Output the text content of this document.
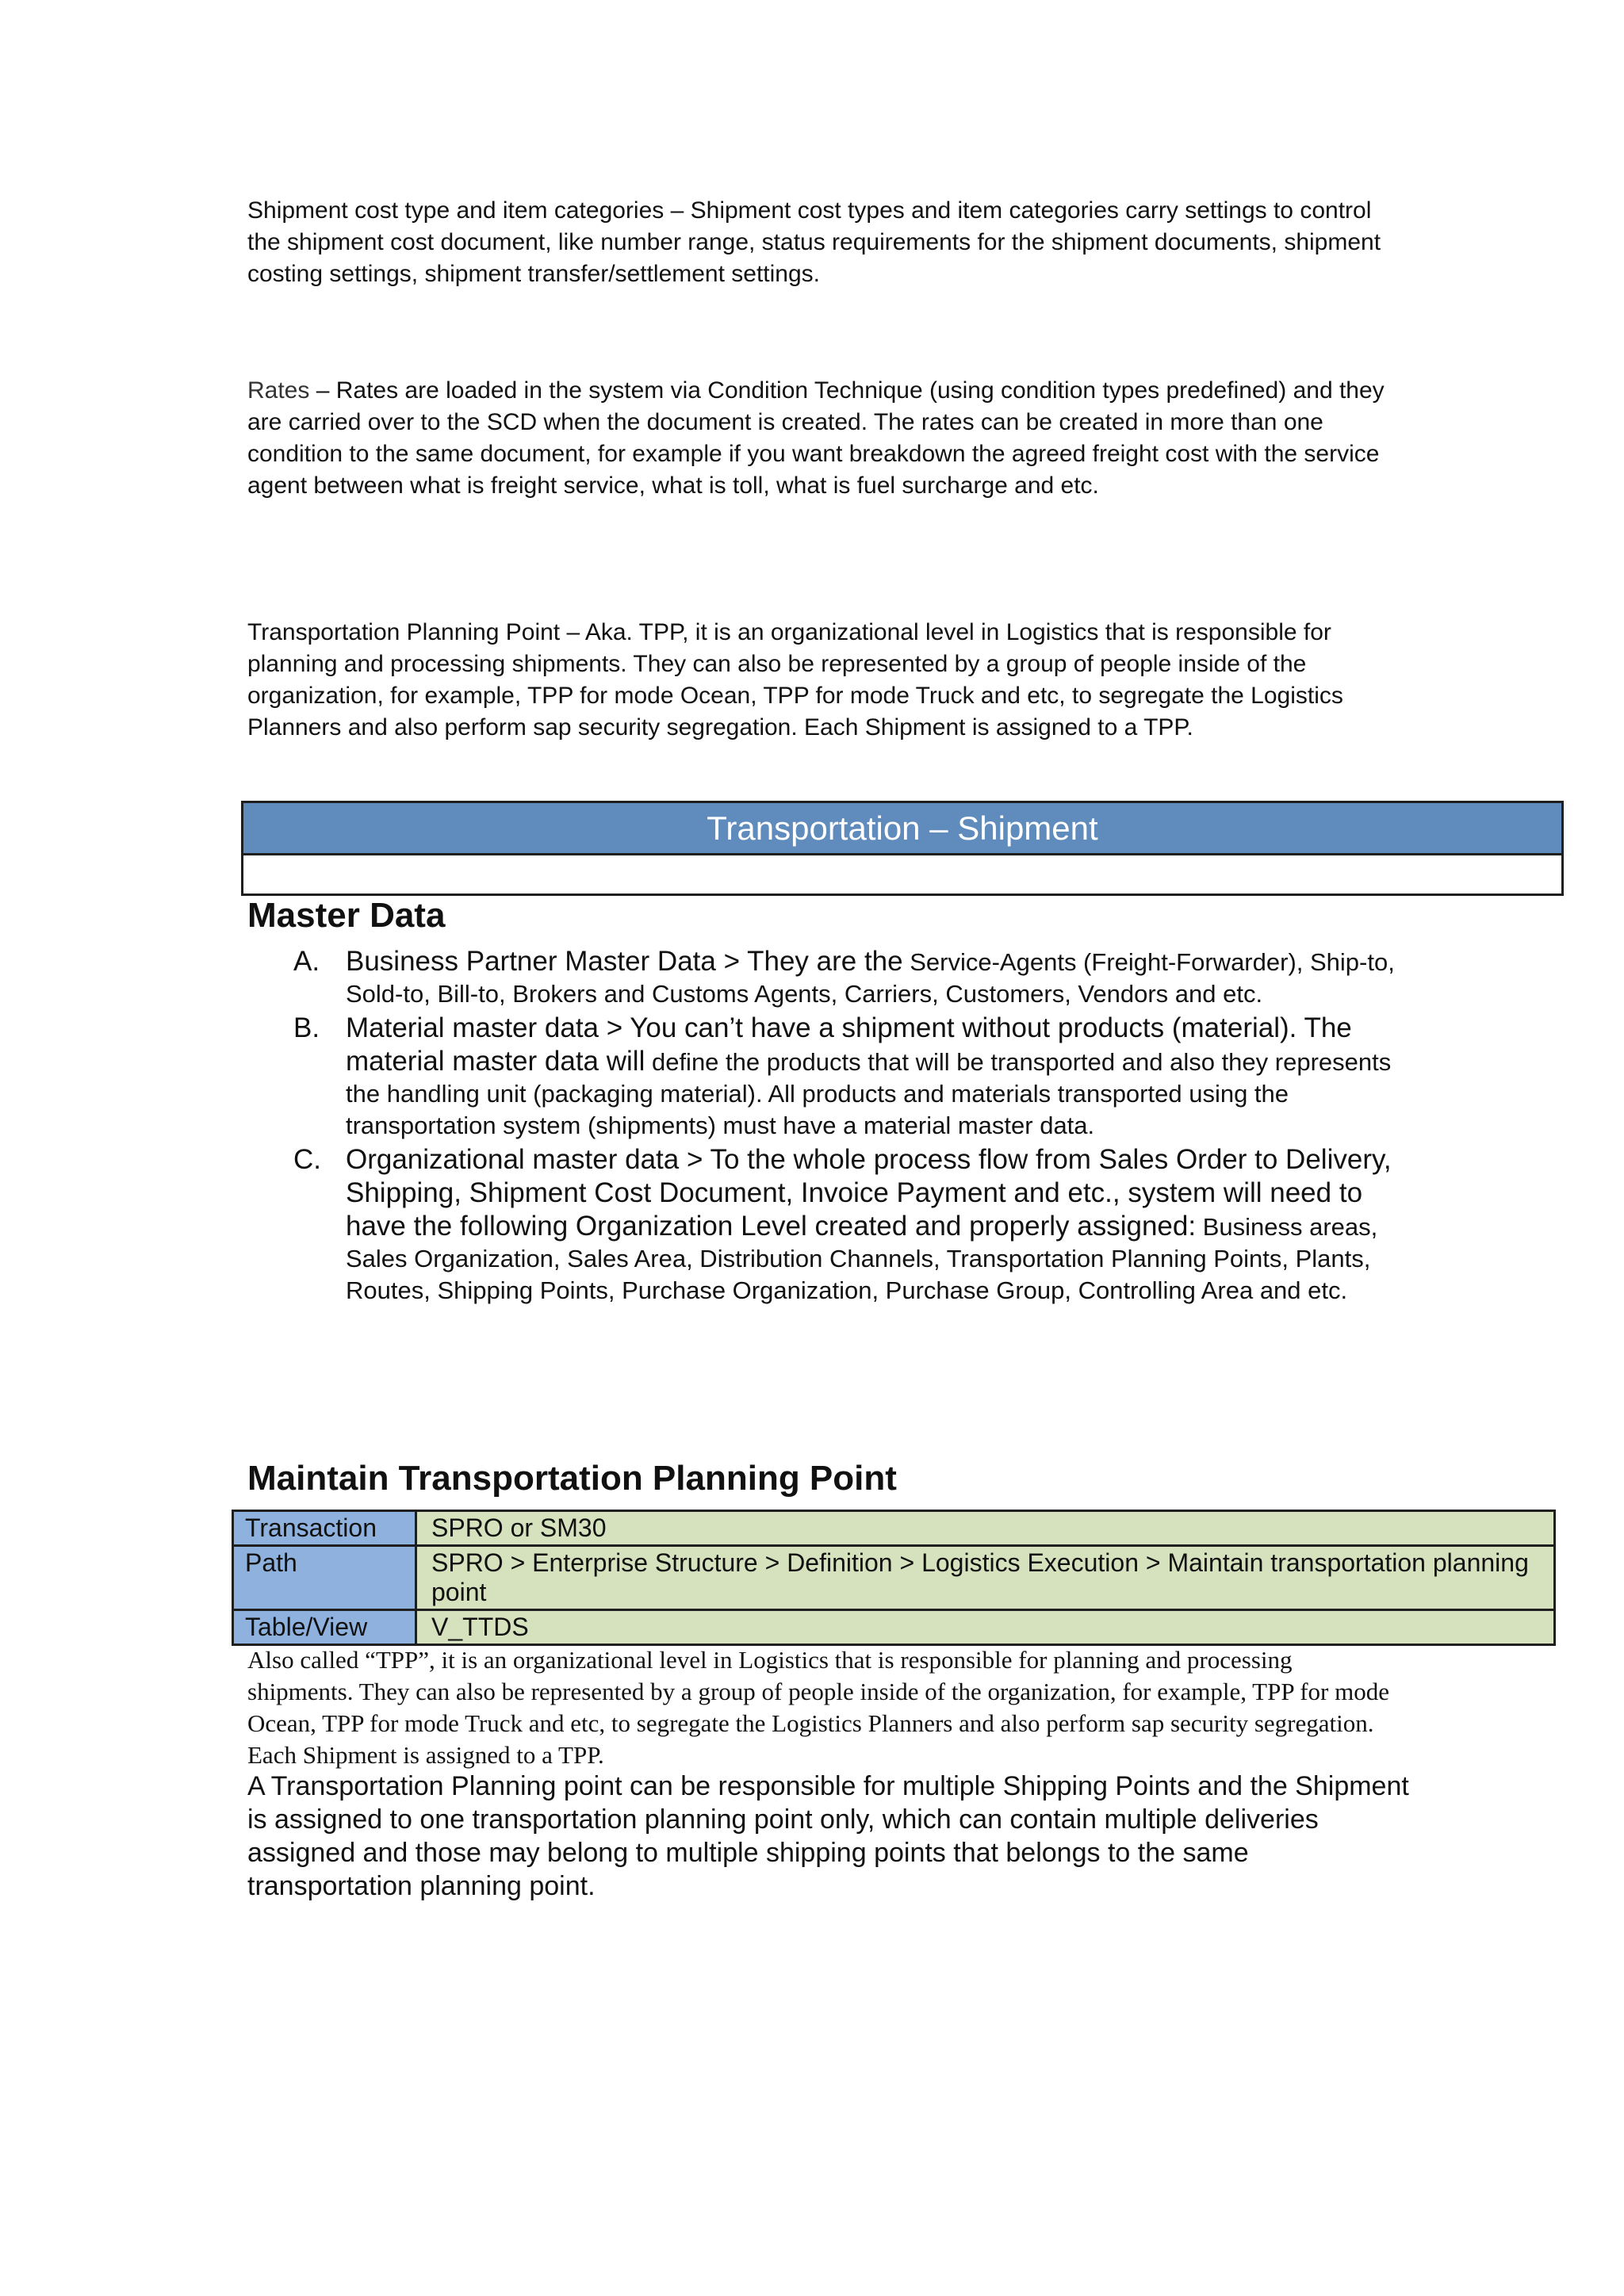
Shipment cost type and item categories – Shipment cost types and item categories carry settings to control the shipment cost document, like number range, status requirements for the shipment documents, shipment costing settings, shipment transfer/settlement settings.

Rates – Rates are loaded in the system via Condition Technique (using condition types predefined) and they are carried over to the SCD when the document is created. The rates can be created in more than one condition to the same document, for example if you want breakdown the agreed freight cost with the service agent between what is freight service, what is toll, what is fuel surcharge and etc.

Transportation Planning Point – Aka. TPP, it is an organizational level in Logistics that is responsible for planning and processing shipments. They can also be represented by a group of people inside of the organization, for example, TPP for mode Ocean, TPP for mode Truck and etc, to segregate the Logistics Planners and also perform sap security segregation. Each Shipment is assigned to a TPP.

Transportation – Shipment
Master Data
A. Business Partner Master Data > They are the Service-Agents (Freight-Forwarder), Ship-to, Sold-to, Bill-to, Brokers and Customs Agents, Carriers, Customers, Vendors and etc.
B. Material master data > You can’t have a shipment without products (material). The material master data will define the products that will be transported and also they represents the handling unit (packaging material). All products and materials transported using the transportation system (shipments) must have a material master data.
C. Organizational master data > To the whole process flow from Sales Order to Delivery, Shipping, Shipment Cost Document, Invoice Payment and etc., system will need to have the following Organization Level created and properly assigned: Business areas, Sales Organization, Sales Area, Distribution Channels, Transportation Planning Points, Plants, Routes, Shipping Points, Purchase Organization, Purchase Group, Controlling Area and etc.
Maintain Transportation Planning Point
Transaction	SPRO or SM30
Path	SPRO > Enterprise Structure > Definition > Logistics Execution > Maintain transportation planning point
Table/View	V_TTDS

Also called “TPP”, it is an organizational level in Logistics that is responsible for planning and processing shipments. They can also be represented by a group of people inside of the organization, for example, TPP for mode Ocean, TPP for mode Truck and etc, to segregate the Logistics Planners and also perform sap security segregation. Each Shipment is assigned to a TPP.

A Transportation Planning point can be responsible for multiple Shipping Points and the Shipment is assigned to one transportation planning point only, which can contain multiple deliveries assigned and those may belong to multiple shipping points that belongs to the same transportation planning point.
